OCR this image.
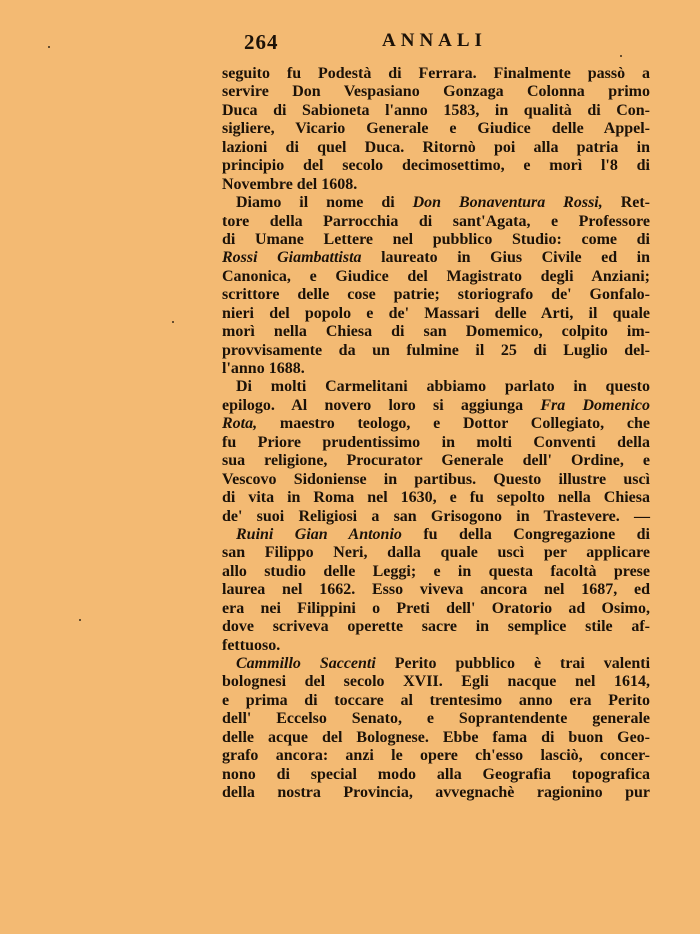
264	ANNALI
seguito fu Podestà di Ferrara. Finalmente passò a
servire Don Vespasiano Gonzaga Colonna primo
Duca di Sabioneta l'anno 1583, in qualità di Con-
sigliere, Vicario Generale e Giudice delle Appel-
lazioni di quel Duca. Ritornò poi alla patria in
principio del secolo decimosettimo, e morì l'8 di
Novembre del 1608.
Diamo il nome di Don Bonaventura Rossi, Ret-
tore della Parrocchia di sant'Agata, e Professore
di Umane Lettere nel pubblico Studio: come di
Rossi Giambattista laureato in Gius Civile ed in
Canonica, e Giudice del Magistrato degli Anziani;
scrittore delle cose patrie; storiografo de' Gonfalo-
nieri del popolo e de' Massari delle Arti, il quale
morì nella Chiesa di san Domemico, colpito im-
provvisamente da un fulmine il 25 di Luglio del-
l'anno 1688.
Di molti Carmelitani abbiamo parlato in questo
epilogo. Al novero loro si aggiunga Fra Domenico
Rota, maestro teologo, e Dottor Collegiato, che
fu Priore prudentissimo in molti Conventi della
sua religione, Procurator Generale dell' Ordine, e
Vescovo Sidoniense in partibus. Questo illustre uscì
di vita in Roma nel 1630, e fu sepolto nella Chiesa
de' suoi Religiosi a san Grisogono in Trastevere. —
Ruini Gian Antonio fu della Congregazione di
san Filippo Neri, dalla quale uscì per applicare
allo studio delle Leggi; e in questa facoltà prese
laurea nel 1662. Esso viveva ancora nel 1687, ed
era nei Filippini o Preti dell' Oratorio ad Osimo,
dove scriveva operette sacre in semplice stile af-
fettuoso.
Cammillo Saccenti Perito pubblico è trai valenti
bolognesi del secolo XVII. Egli nacque nel 1614,
e prima di toccare al trentesimo anno era Perito
dell' Eccelso Senato, e Soprantendente generale
delle acque del Bolognese. Ebbe fama di buon Geo-
grafo ancora: anzi le opere ch'esso lasciò, concer-
nono di special modo alla Geografia topografica
della nostra Provincia, avvegnachè ragionino pur
